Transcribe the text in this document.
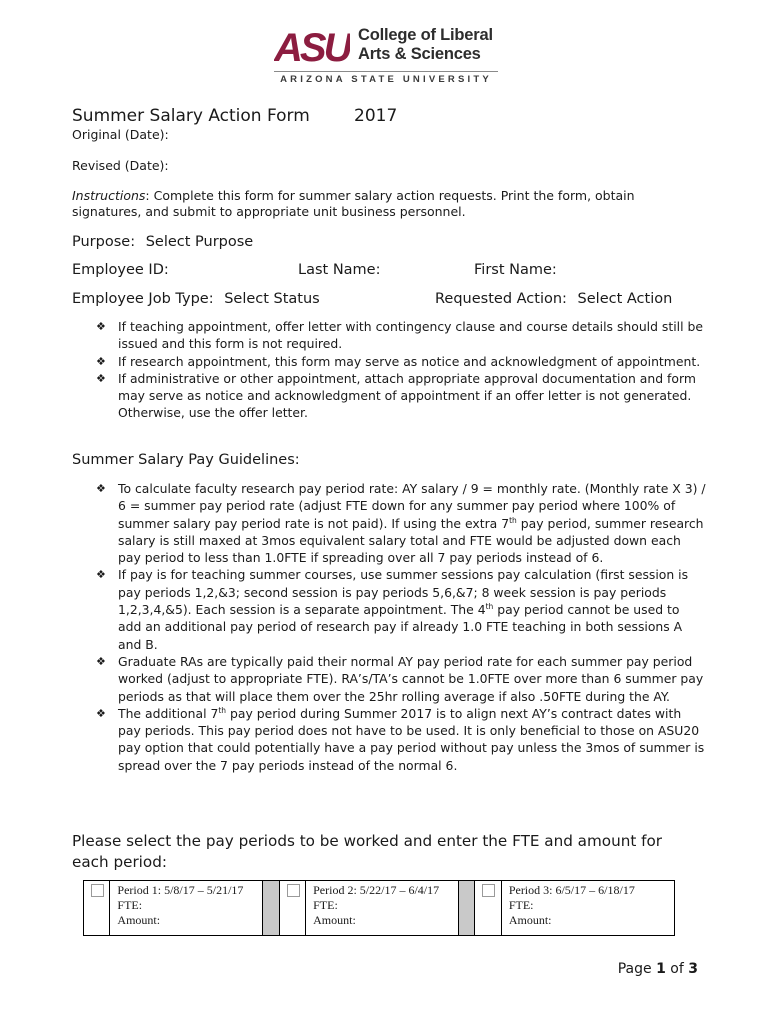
ASU College of Liberal
Arts & Sciences
ARIZONA STATE UNIVERSITY
Summer Salary Action Form	2017
Original (Date):
Revised (Date):
Instructions: Complete this form for summer salary action requests. Print the form, obtain signatures, and submit to appropriate unit business personnel.
Purpose: Select Purpose
Employee ID:	Last Name:	First Name:
Employee Job Type: Select Status	Requested Action: Select Action

❖ If teaching appointment, offer letter with contingency clause and course details should still be issued and this form is not required.

❖ If research appointment, this form may serve as notice and acknowledgment of appointment.

❖ If administrative or other appointment, attach appropriate approval documentation and form may serve as notice and acknowledgment of appointment if an offer letter is not generated. Otherwise, use the offer letter.

Summer Salary Pay Guidelines:

❖ To calculate faculty research pay period rate: AY salary / 9 = monthly rate. (Monthly rate X 3) / 6 = summer pay period rate (adjust FTE down for any summer pay period where 100% of summer salary pay period rate is not paid). If using the extra 7th pay period, summer research salary is still maxed at 3mos equivalent salary total and FTE would be adjusted down each pay period to less than 1.0FTE if spreading over all 7 pay periods instead of 6.

❖ If pay is for teaching summer courses, use summer sessions pay calculation (first session is pay periods 1,2,&3; second session is pay periods 5,6,&7; 8 week session is pay periods 1,2,3,4,&5). Each session is a separate appointment. The 4th pay period cannot be used to add an additional pay period of research pay if already 1.0 FTE teaching in both sessions A and B.

❖ Graduate RAs are typically paid their normal AY pay period rate for each summer pay period worked (adjust to appropriate FTE). RA’s/TA’s cannot be 1.0FTE over more than 6 summer pay periods as that will place them over the 25hr rolling average if also .50FTE during the AY.

❖ The additional 7th pay period during Summer 2017 is to align next AY’s contract dates with pay periods. This pay period does not have to be used. It is only beneficial to those on ASU20 pay option that could potentially have a pay period without pay unless the 3mos of summer is spread over the 7 pay periods instead of the normal 6.

Please select the pay periods to be worked and enter the FTE and amount for each period:
Period 1: 5/8/17 – 5/21/17
FTE:
Amount:
Period 2: 5/22/17 – 6/4/17
FTE:
Amount:
Period 3: 6/5/17 – 6/18/17
FTE:
Amount:
Page 1 of 3
